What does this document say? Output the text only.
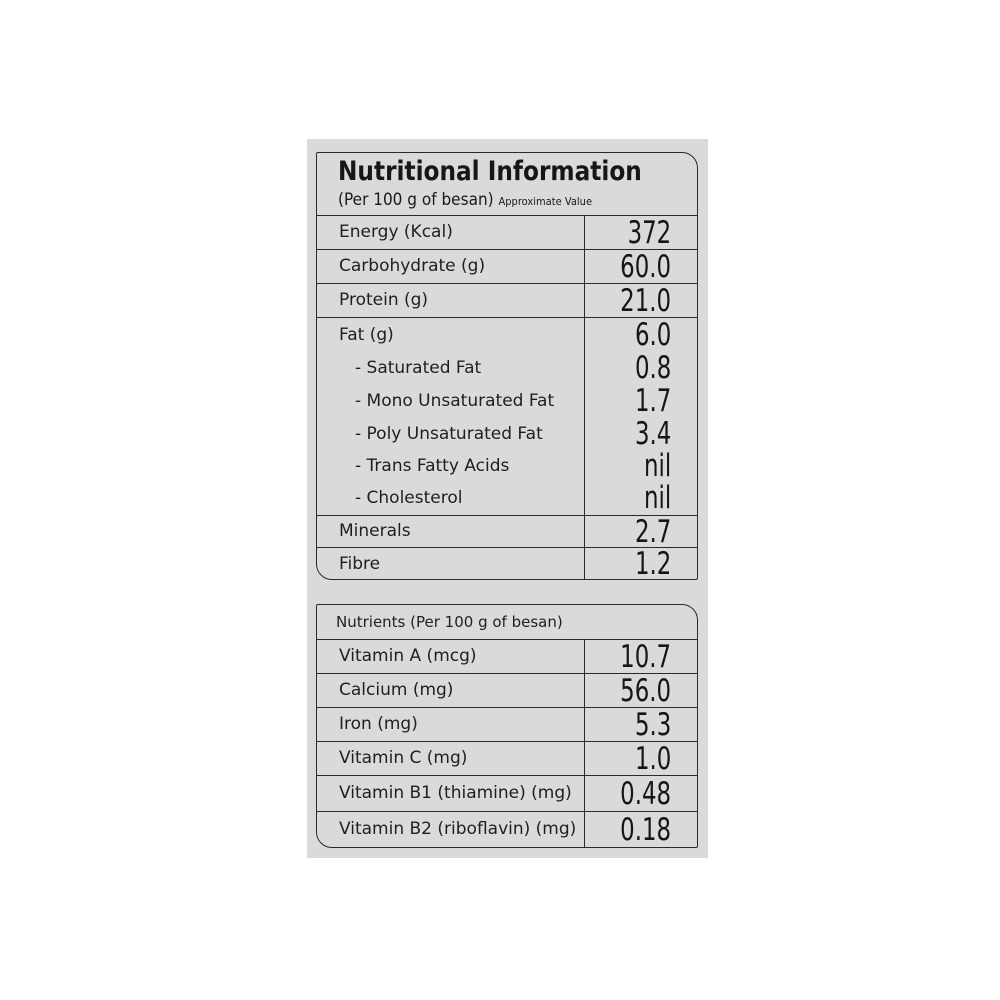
Nutritional Information
(Per 100 g of besan) Approximate Value
Energy (Kcal)	372
Carbohydrate (g)	60.0
Protein (g)	21.0
Fat (g)	6.0
- Saturated Fat	0.8
- Mono Unsaturated Fat	1.7
- Poly Unsaturated Fat	3.4
- Trans Fatty Acids	nil
- Cholesterol	nil
Minerals	2.7
Fibre	1.2
Nutrients (Per 100 g of besan)
Vitamin A (mcg)	10.7
Calcium (mg)	56.0
Iron (mg)	5.3
Vitamin C (mg)	1.0
Vitamin B1 (thiamine) (mg) 0.48
Vitamin B2 (riboflavin) (mg) 0.18
